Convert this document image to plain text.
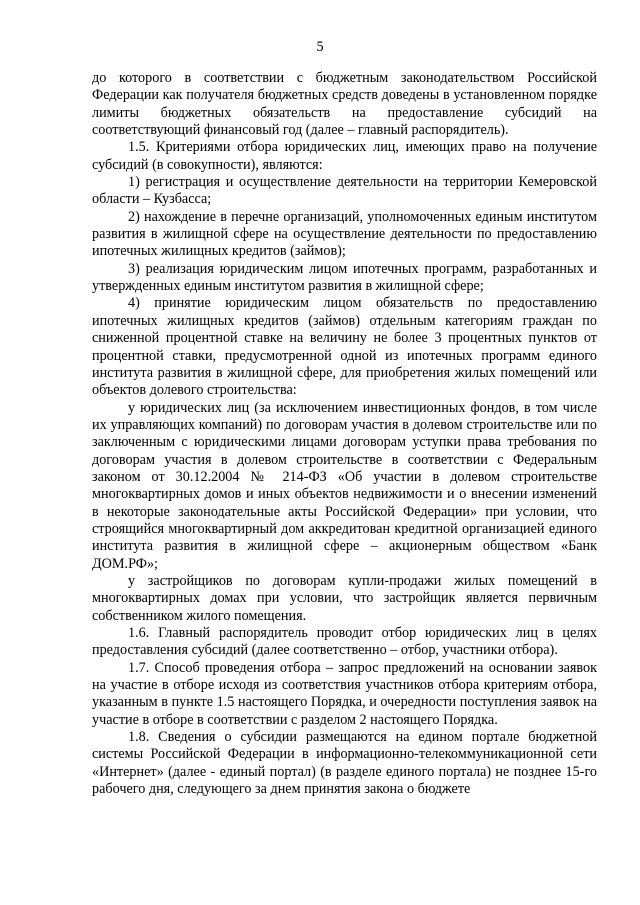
5

до которого в соответствии с бюджетным законодательством Российской Федерации как получателя бюджетных средств доведены в установленном порядке лимиты бюджетных обязательств на предоставление субсидий на соответствующий финансовый год (далее – главный распорядитель).

1.5. Критериями отбора юридических лиц, имеющих право на получение субсидий (в совокупности), являются:

1) регистрация и осуществление деятельности на территории Кемеровской области – Кузбасса;

2) нахождение в перечне организаций, уполномоченных единым институтом развития в жилищной сфере на осуществление деятельности по предоставлению ипотечных жилищных кредитов (займов);

3) реализация юридическим лицом ипотечных программ, разработанных и утвержденных единым институтом развития в жилищной сфере;

4) принятие юридическим лицом обязательств по предоставлению ипотечных жилищных кредитов (займов) отдельным категориям граждан по сниженной процентной ставке на величину не более 3 процентных пунктов от процентной ставки, предусмотренной одной из ипотечных программ единого института развития в жилищной сфере, для приобретения жилых помещений или объектов долевого строительства:

у юридических лиц (за исключением инвестиционных фондов, в том числе их управляющих компаний) по договорам участия в долевом строительстве или по заключенным с юридическими лицами договорам уступки права требования по договорам участия в долевом строительстве в соответствии с Федеральным законом от 30.12.2004 № 214-ФЗ «Об участии в долевом строительстве многоквартирных домов и иных объектов недвижимости и о внесении изменений в некоторые законодательные акты Российской Федерации» при условии, что строящийся многоквартирный дом аккредитован кредитной организацией единого института развития в жилищной сфере – акционерным обществом «Банк ДОМ.РФ»;

у застройщиков по договорам купли-продажи жилых помещений в многоквартирных домах при условии, что застройщик является первичным собственником жилого помещения.

1.6. Главный распорядитель проводит отбор юридических лиц в целях предоставления субсидий (далее соответственно – отбор, участники отбора).

1.7. Способ проведения отбора – запрос предложений на основании заявок на участие в отборе исходя из соответствия участников отбора критериям отбора, указанным в пункте 1.5 настоящего Порядка, и очередности поступления заявок на участие в отборе в соответствии с разделом 2 настоящего Порядка.

1.8. Сведения о субсидии размещаются на едином портале бюджетной системы Российской Федерации в информационно-телекоммуникационной сети «Интернет» (далее - единый портал) (в разделе единого портала) не позднее 15-го рабочего дня, следующего за днем принятия закона о бюджете
